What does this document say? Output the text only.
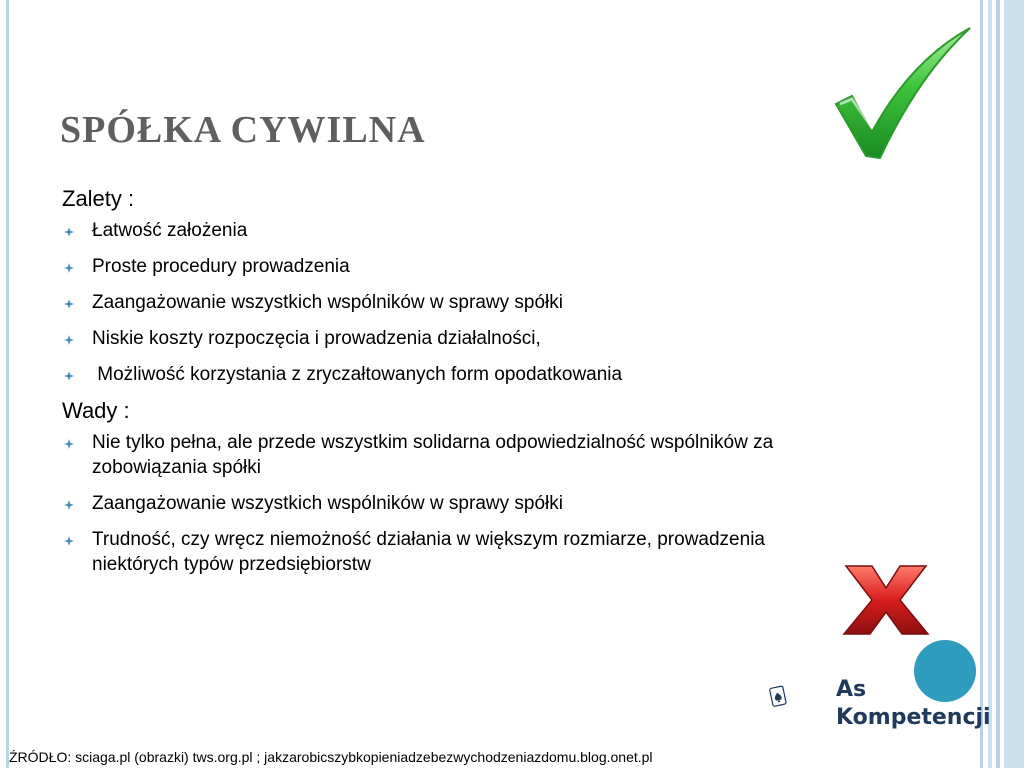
SPÓŁKA CYWILNA
Zalety :
Łatwość założenia
Proste procedury prowadzenia
Zaangażowanie wszystkich wspólników w sprawy spółki
Niskie koszty rozpoczęcia i prowadzenia działalności,
Możliwość korzystania z zryczałtowanych form opodatkowania
Wady :
Nie tylko pełna, ale przede wszystkim solidarna odpowiedzialność wspólników za zobowiązania spółki
Zaangażowanie wszystkich wspólników w sprawy spółki
Trudność, czy wręcz niemożność działania w większym rozmiarze, prowadzenia niektórych typów przedsiębiorstw
As
Kompetencji
ŹRÓDŁO: sciaga.pl (obrazki) tws.org.pl ; jakzarobicszybkopieniadzebezwychodzeniazdomu.blog.onet.pl
